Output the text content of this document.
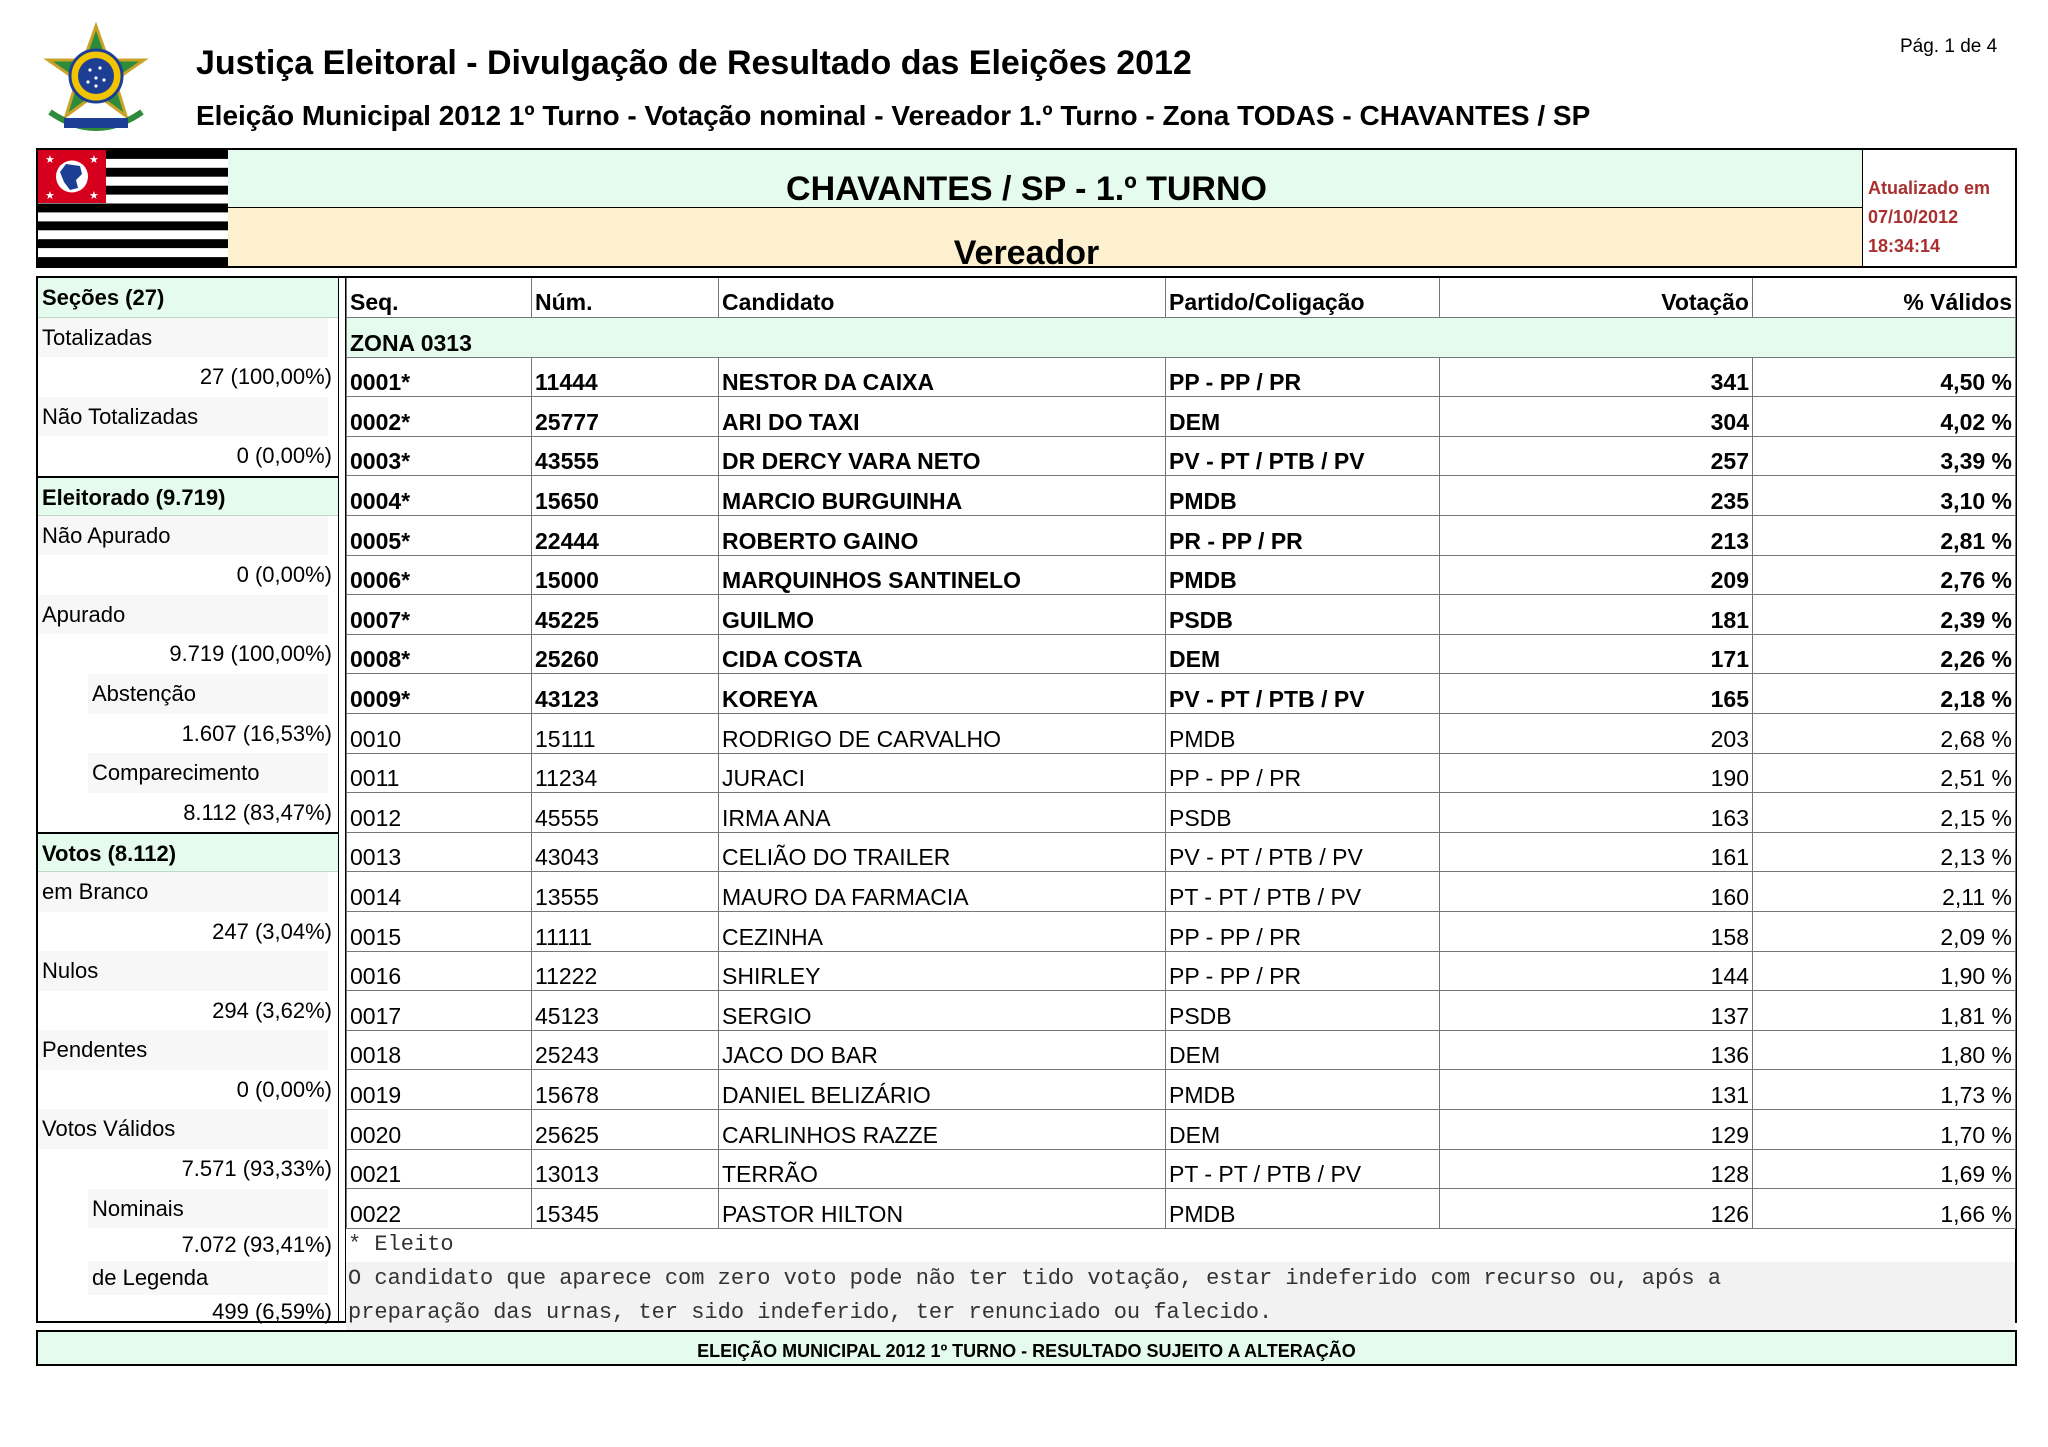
Pág. 1 de 4
Justiça Eleitoral - Divulgação de Resultado das Eleições 2012
Eleição Municipal 2012 1º Turno - Votação nominal - Vereador 1.º Turno - Zona TODAS - CHAVANTES / SP
★	★
★	★	CHAVANTES / SP - 1.º TURNO
Vereador
Atualizado em
07/10/2012
18:34:14
Seções (27)
Totalizadas
27 (100,00%)
Não Totalizadas
0 (0,00%)
Eleitorado (9.719)
Não Apurado
0 (0,00%)
Apurado
9.719 (100,00%)
Abstenção
1.607 (16,53%)
Comparecimento
8.112 (83,47%)
Votos (8.112)
em Branco
247 (3,04%)
Nulos
294 (3,62%)
Pendentes
0 (0,00%)
Votos Válidos
7.571 (93,33%)
Nominais
7.072 (93,41%)
de Legenda
499 (6,59%)
Seq.	Núm.	Candidato	Partido/Coligação	Votação	% Válidos
ZONA 0313					
0001*	11444	NESTOR DA CAIXA	PP - PP / PR	341	4,50 %
0002*	25777	ARI DO TAXI	DEM	304	4,02 %
0003*	43555	DR DERCY VARA NETO	PV - PT / PTB / PV	257	3,39 %
0004*	15650	MARCIO BURGUINHA	PMDB	235	3,10 %
0005*	22444	ROBERTO GAINO	PR - PP / PR	213	2,81 %
0006*	15000	MARQUINHOS SANTINELO	PMDB	209	2,76 %
0007*	45225	GUILMO	PSDB	181	2,39 %
0008*	25260	CIDA COSTA	DEM	171	2,26 %
0009*	43123	KOREYA	PV - PT / PTB / PV	165	2,18 %
0010	15111	RODRIGO DE CARVALHO	PMDB	203	2,68 %
0011	11234	JURACI	PP - PP / PR	190	2,51 %
0012	45555	IRMA ANA	PSDB	163	2,15 %
0013	43043	CELIÃO DO TRAILER	PV - PT / PTB / PV	161	2,13 %
0014	13555	MAURO DA FARMACIA	PT - PT / PTB / PV	160	2,11 %
0015	11111	CEZINHA	PP - PP / PR	158	2,09 %
0016	11222	SHIRLEY	PP - PP / PR	144	1,90 %
0017	45123	SERGIO	PSDB	137	1,81 %
0018	25243	JACO DO BAR	DEM	136	1,80 %
0019	15678	DANIEL BELIZÁRIO	PMDB	131	1,73 %
0020	25625	CARLINHOS RAZZE	DEM	129	1,70 %
0021	13013	TERRÃO	PT - PT / PTB / PV	128	1,69 %
0022	15345	PASTOR HILTON	PMDB	126	1,66 %
* Eleito
O candidato que aparece com zero voto pode não ter tido votação, estar indeferido com recurso ou, após a
preparação das urnas, ter sido indeferido, ter renunciado ou falecido.
ELEIÇÃO MUNICIPAL 2012 1º TURNO - RESULTADO SUJEITO A ALTERAÇÃO
